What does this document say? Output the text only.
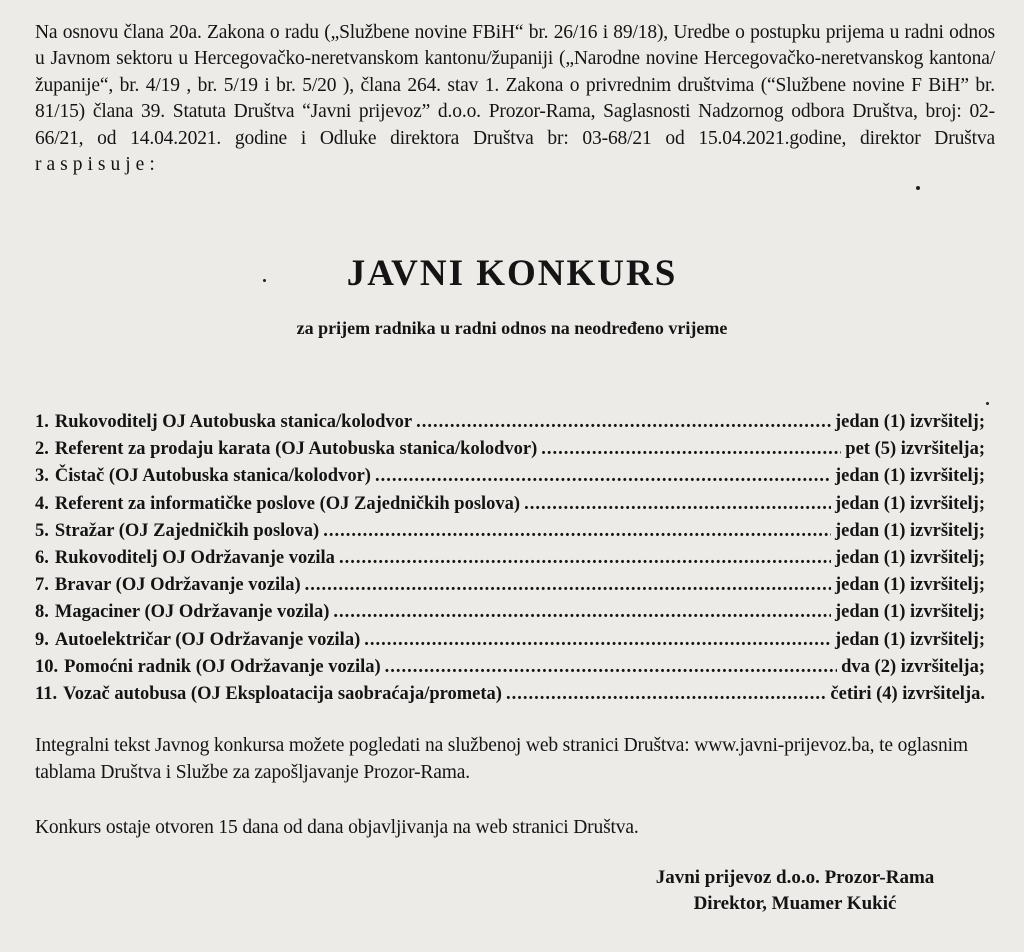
Na osnovu člana 20a. Zakona o radu („Službene novine FBiH“ br. 26/16 i 89/18), Uredbe o postupku prijema u radni odnos u Javnom sektoru u Hercegovačko-neretvanskom kantonu/županiji („Narodne novine Hercegovačko-neretvanskog kantona/županije“, br. 4/19 , br. 5/19 i br. 5/20 ), člana 264. stav 1. Zakona o privrednim društvima (“Službene novine F BiH” br. 81/15) člana 39. Statuta Društva “Javni prijevoz” d.o.o. Prozor-Rama, Saglasnosti Nadzornog odbora Društva, broj: 02-66/21, od 14.04.2021. godine i Odluke direktora Društva br: 03-68/21 od 15.04.2021.godine, direktor Društva raspisuje:

JAVNI KONKURS
za prijem radnika u radni odnos na neodređeno vrijeme
1. Rukovoditelj OJ Autobuska stanica/kolodvor .....	jedan (1) izvršitelj;
2. Referent za prodaju karata (OJ Autobuska stanica/kolodvor) .....	pet (5) izvršitelja;
3. Čistač (OJ Autobuska stanica/kolodvor) .....	jedan (1) izvršitelj;
4. Referent za informatičke poslove (OJ Zajedničkih poslova) .....	jedan (1) izvršitelj;
5. Stražar (OJ Zajedničkih poslova) .....	jedan (1) izvršitelj;
6. Rukovoditelj OJ Održavanje vozila .....	jedan (1) izvršitelj;
7. Bravar (OJ Održavanje vozila) .....	jedan (1) izvršitelj;
8. Magaciner (OJ Održavanje vozila) .....	jedan (1) izvršitelj;
9. Autoelektričar (OJ Održavanje vozila) .....	jedan (1) izvršitelj;
10. Pomoćni radnik (OJ Održavanje vozila) .....	dva (2) izvršitelja;
11. Vozač autobusa (OJ Eksploatacija saobraćaja/prometa) .....	četiri (4) izvršitelja.

Integralni tekst Javnog konkursa možete pogledati na službenoj web stranici Društva: www.javni-prijevoz.ba, te oglasnim tablama Društva i Službe za zapošljavanje Prozor-Rama.

Konkurs ostaje otvoren 15 dana od dana objavljivanja na web stranici Društva.

Javni prijevoz d.o.o. Prozor-Rama
Direktor, Muamer Kukić
